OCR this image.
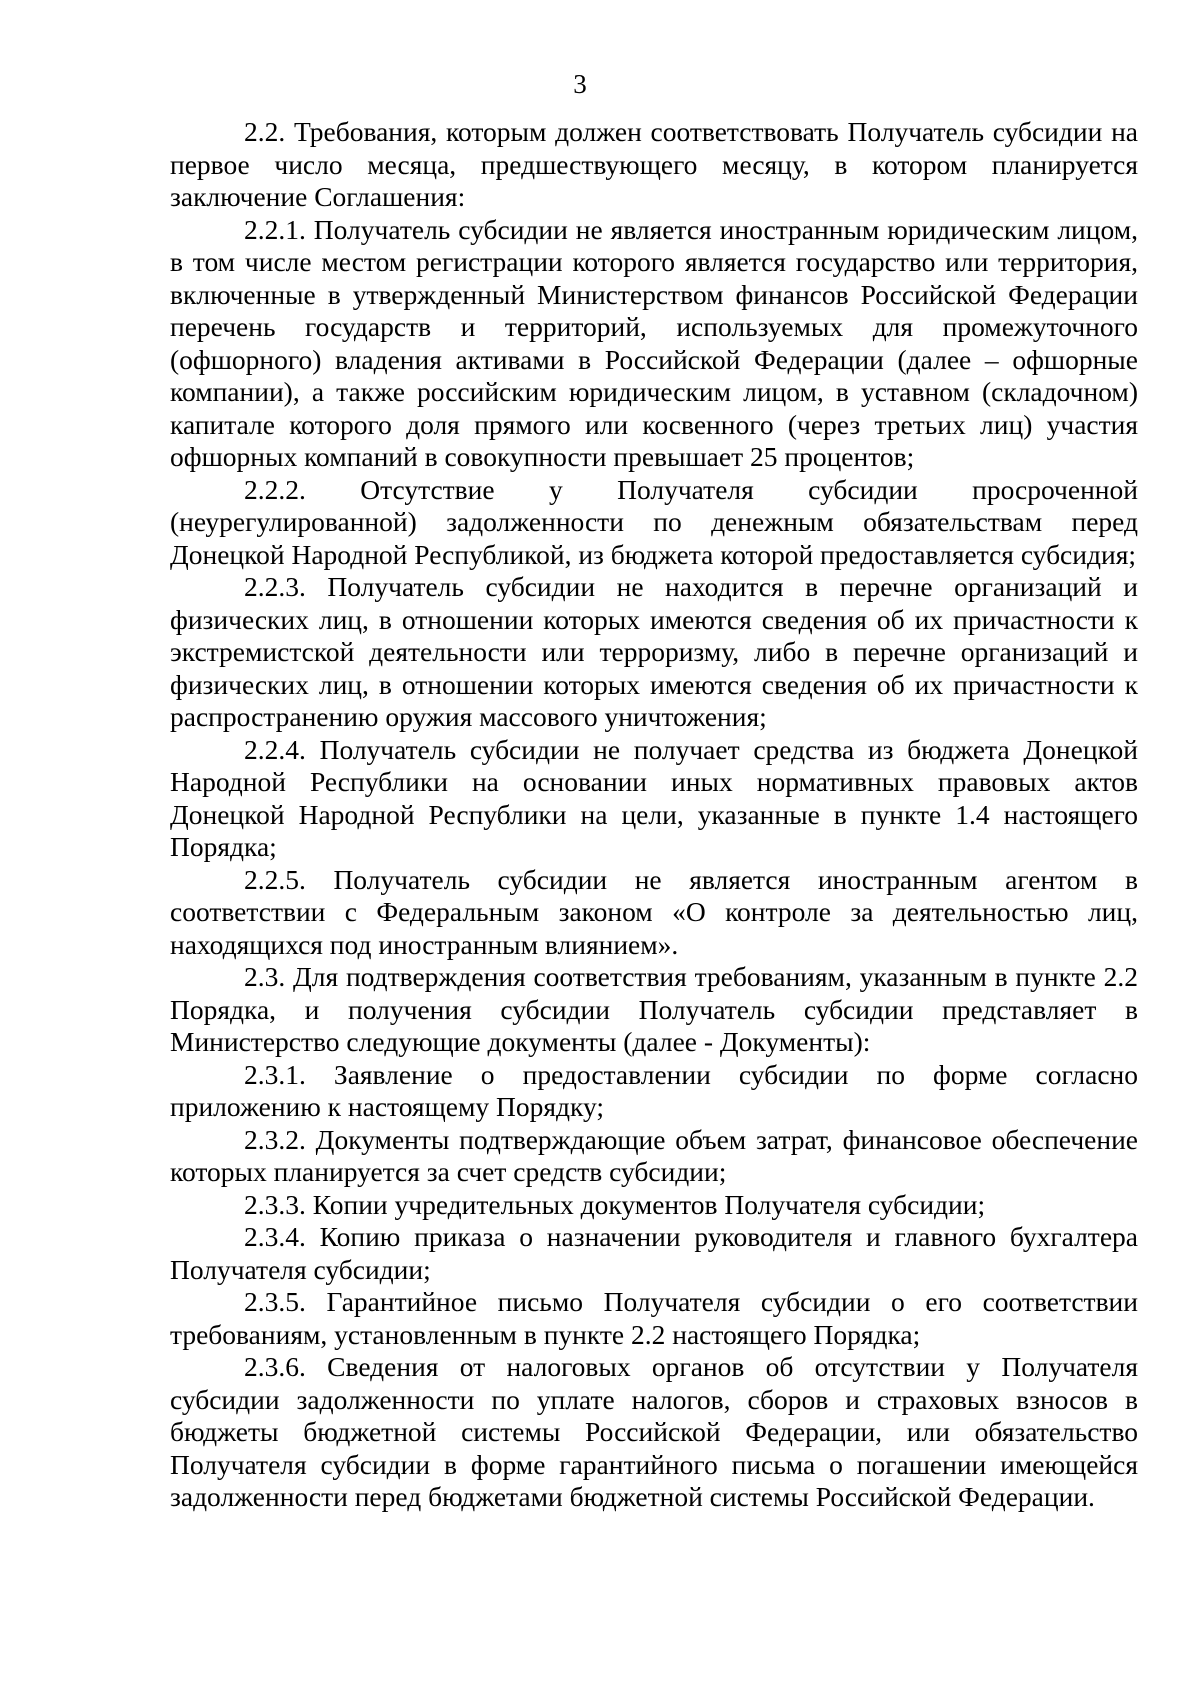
3

2.2. Требования, которым должен соответствовать Получатель субсидии на первое число месяца, предшествующего месяцу, в котором планируется заключение Соглашения:

2.2.1. Получатель субсидии не является иностранным юридическим лицом, в том числе местом регистрации которого является государство или территория, включенные в утвержденный Министерством финансов Российской Федерации перечень государств и территорий, используемых для промежуточного (офшорного) владения активами в Российской Федерации (далее – офшорные компании), а также российским юридическим лицом, в уставном (складочном) капитале которого доля прямого или косвенного (через третьих лиц) участия офшорных компаний в совокупности превышает 25 процентов;

2.2.2. Отсутствие у Получателя субсидии просроченной (неурегулированной) задолженности по денежным обязательствам перед Донецкой Народной Республикой, из бюджета которой предоставляется субсидия;

2.2.3. Получатель субсидии не находится в перечне организаций и физических лиц, в отношении которых имеются сведения об их причастности к экстремистской деятельности или терроризму, либо в перечне организаций и физических лиц, в отношении которых имеются сведения об их причастности к распространению оружия массового уничтожения;

2.2.4. Получатель субсидии не получает средства из бюджета Донецкой Народной Республики на основании иных нормативных правовых актов Донецкой Народной Республики на цели, указанные в пункте 1.4 настоящего Порядка;

2.2.5. Получатель субсидии не является иностранным агентом в соответствии с Федеральным законом «О контроле за деятельностью лиц, находящихся под иностранным влиянием».

2.3. Для подтверждения соответствия требованиям, указанным в пункте 2.2 Порядка, и получения субсидии Получатель субсидии представляет в Министерство следующие документы (далее - Документы):

2.3.1. Заявление о предоставлении субсидии по форме согласно приложению к настоящему Порядку;

2.3.2. Документы подтверждающие объем затрат, финансовое обеспечение которых планируется за счет средств субсидии;

2.3.3. Копии учредительных документов Получателя субсидии;

2.3.4. Копию приказа о назначении руководителя и главного бухгалтера Получателя субсидии;

2.3.5. Гарантийное письмо Получателя субсидии о его соответствии требованиям, установленным в пункте 2.2 настоящего Порядка;

2.3.6. Сведения от налоговых органов об отсутствии у Получателя субсидии задолженности по уплате налогов, сборов и страховых взносов в бюджеты бюджетной системы Российской Федерации, или обязательство Получателя субсидии в форме гарантийного письма о погашении имеющейся задолженности перед бюджетами бюджетной системы Российской Федерации.
